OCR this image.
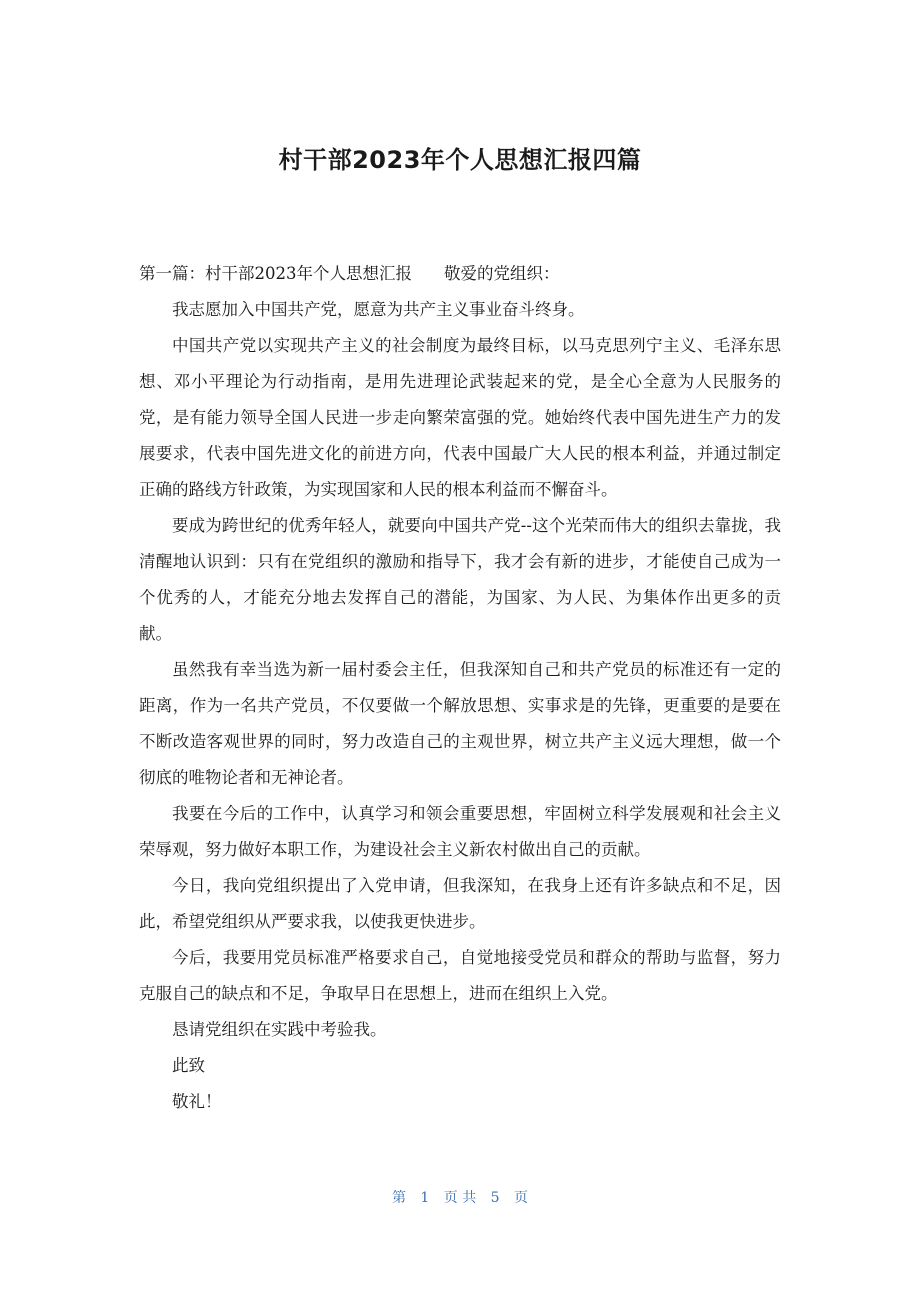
村干部2023年个人思想汇报四篇

第一篇：村干部2023年个人思想汇报 敬爱的党组织：

我志愿加入中国共产党，愿意为共产主义事业奋斗终身。

中国共产党以实现共产主义的社会制度为最终目标，以马克思列宁主义、毛泽东思想、邓小平理论为行动指南，是用先进理论武装起来的党，是全心全意为人民服务的党，是有能力领导全国人民进一步走向繁荣富强的党。她始终代表中国先进生产力的发展要求，代表中国先进文化的前进方向，代表中国最广大人民的根本利益，并通过制定正确的路线方针政策，为实现国家和人民的根本利益而不懈奋斗。

要成为跨世纪的优秀年轻人，就要向中国共产党--这个光荣而伟大的组织去靠拢，我清醒地认识到：只有在党组织的激励和指导下，我才会有新的进步，才能使自己成为一个优秀的人，才能充分地去发挥自己的潜能，为国家、为人民、为集体作出更多的贡献。

虽然我有幸当选为新一届村委会主任，但我深知自己和共产党员的标准还有一定的距离，作为一名共产党员，不仅要做一个解放思想、实事求是的先锋，更重要的是要在不断改造客观世界的同时，努力改造自己的主观世界，树立共产主义远大理想，做一个彻底的唯物论者和无神论者。

我要在今后的工作中，认真学习和领会重要思想，牢固树立科学发展观和社会主义荣辱观，努力做好本职工作，为建设社会主义新农村做出自己的贡献。

今日，我向党组织提出了入党申请，但我深知，在我身上还有许多缺点和不足，因此，希望党组织从严要求我，以使我更快进步。

今后，我要用党员标准严格要求自己，自觉地接受党员和群众的帮助与监督，努力克服自己的缺点和不足，争取早日在思想上，进而在组织上入党。

恳请党组织在实践中考验我。

此致

敬礼！

第 1 页 共 5 页
